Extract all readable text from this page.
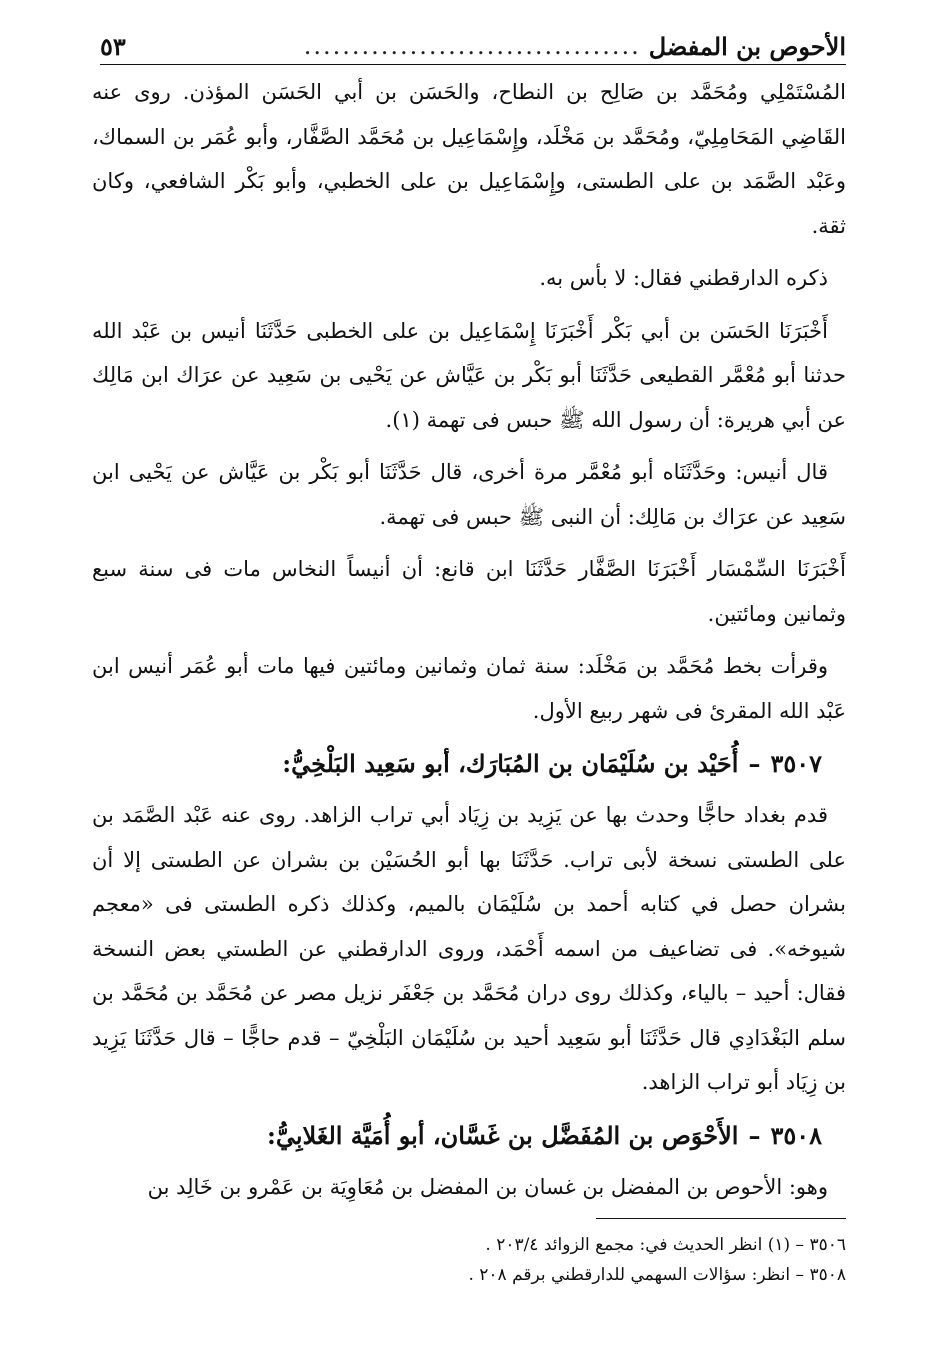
الأحوص بن المفضل
...................................
٥٣

المُسْتَمْلِي ومُحَمَّد بن صَالِح بن النطاح، والحَسَن بن أبي الحَسَن المؤذن. روى عنه القَاضِي المَحَامِلِيّ، ومُحَمَّد بن مَخْلَد، وإِسْمَاعِيل بن مُحَمَّد الصَّفَّار، وأبو عُمَر بن السماك، وعَبْد الصَّمَد بن على الطستى، وإِسْمَاعِيل بن على الخطبي، وأبو بَكْر الشافعي، وكان ثقة.

ذكره الدارقطني فقال: لا بأس به.

أَخْبَرَنَا الحَسَن بن أبي بَكْر أَخْبَرَنَا إِسْمَاعِيل بن على الخطبى حَدَّثَنَا أنيس بن عَبْد الله حدثنا أبو مُعْمَّر القطيعى حَدَّثَنَا أبو بَكْر بن عَيَّاش عن يَحْيى بن سَعِيد عن عرَاك ابن مَالِك عن أبي هريرة: أن رسول الله ﷺ حبس فى تهمة (١).

قال أنيس: وحَدَّثَنَاه أبو مُعْمَّر مرة أخرى، قال حَدَّثَنَا أبو بَكْر بن عَيَّاش عن يَحْيى ابن سَعِيد عن عرَاك بن مَالِك: أن النبى ﷺ حبس فى تهمة.

أَخْبَرَنَا السِّمْسَار أَخْبَرَنَا الصَّفَّار حَدَّثَنَا ابن قانع: أن أنيساً النخاس مات فى سنة سبع وثمانين ومائتين.

وقرأت بخط مُحَمَّد بن مَخْلَد: سنة ثمان وثمانين ومائتين فيها مات أبو عُمَر أنيس ابن عَبْد الله المقرئ فى شهر ربيع الأول.

٣٥٠٧–أُحَيْد بن سُلَيْمَان بن المُبَارَك، أبو سَعِيد البَلْخِيُّ:

قدم بغداد حاجًّا وحدث بها عن يَزِيد بن زِيَاد أبي تراب الزاهد. روى عنه عَبْد الصَّمَد بن على الطستى نسخة لأبى تراب. حَدَّثَنَا بها أبو الحُسَيْن بن بشران عن الطستى إلا أن بشران حصل في كتابه أحمد بن سُلَيْمَان بالميم، وكذلك ذكره الطستى فى «معجم شيوخه». فى تضاعيف من اسمه أَحْمَد، وروى الدارقطني عن الطستي بعض النسخة فقال: أحيد – بالياء، وكذلك روى دران مُحَمَّد بن جَعْفَر نزيل مصر عن مُحَمَّد بن مُحَمَّد بن سلم البَغْدَادِي قال حَدَّثَنَا أبو سَعِيد أحيد بن سُلَيْمَان البَلْخِيّ – قدم حاجًّا – قال حَدَّثَنَا يَزِيد بن زِيَاد أبو تراب الزاهد.

٣٥٠٨–الأَحْوَص بن المُفَضَّل بن غَسَّان، أبو أُمَيَّة الغَلابِيُّ:

وهو: الأحوص بن المفضل بن غسان بن المفضل بن مُعَاوِيَة بن عَمْرو بن خَالِد بن

٣٥٠٦ – (١) انظر الحديث في: مجمع الزوائد ٢٠٣/٤ .
٣٥٠٨ – انظر: سؤالات السهمي للدارقطني برقم ٢٠٨ .
